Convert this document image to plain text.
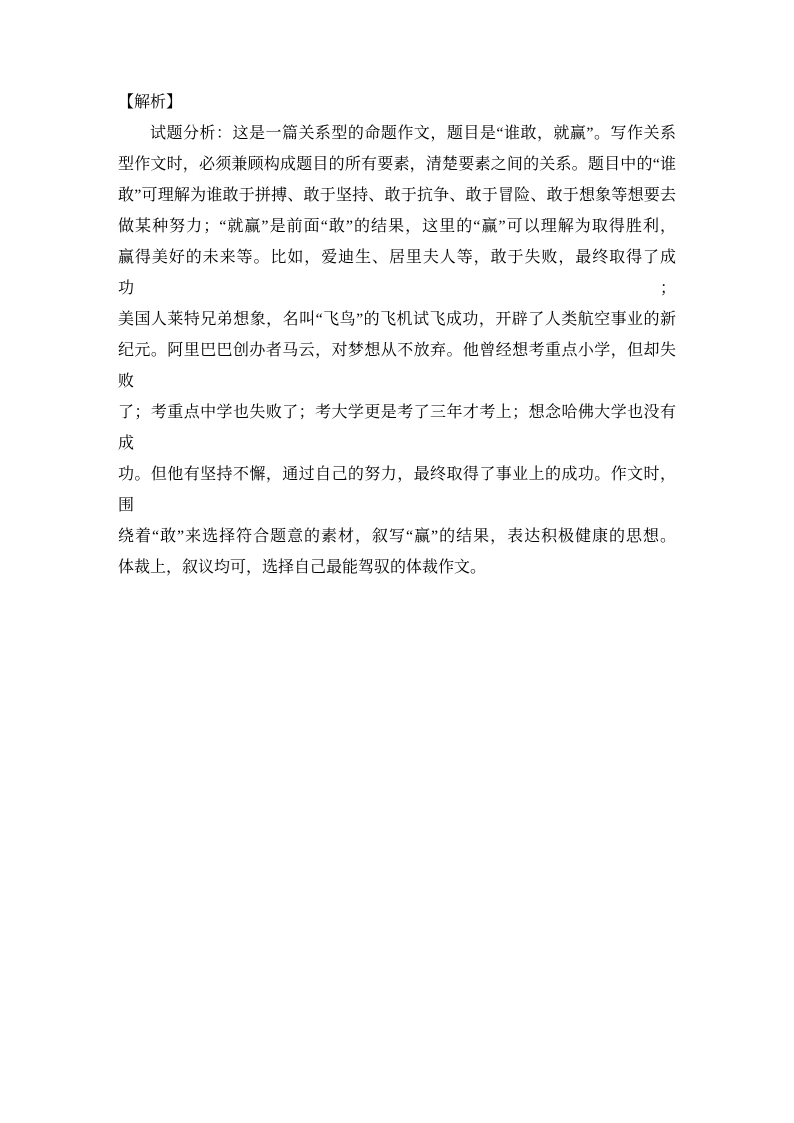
【解析】
试题分析：这是一篇关系型的命题作文，题目是“谁敢，就赢”。写作关系
型作文时，必须兼顾构成题目的所有要素，清楚要素之间的关系。题目中的“谁
敢”可理解为谁敢于拼搏、敢于坚持、敢于抗争、敢于冒险、敢于想象等想要去
做某种努力；“就赢”是前面“敢”的结果，这里的“赢”可以理解为取得胜利，
赢得美好的未来等。比如，爱迪生、居里夫人等，敢于失败，最终取得了成功；
美国人莱特兄弟想象，名叫“飞鸟”的飞机试飞成功，开辟了人类航空事业的新
纪元。阿里巴巴创办者马云，对梦想从不放弃。他曾经想考重点小学，但却失败
了；考重点中学也失败了；考大学更是考了三年才考上；想念哈佛大学也没有成
功。但他有坚持不懈，通过自己的努力，最终取得了事业上的成功。作文时，围
绕着“敢”来选择符合题意的素材，叙写“赢”的结果，表达积极健康的思想。
体裁上，叙议均可，选择自己最能驾驭的体裁作文。
